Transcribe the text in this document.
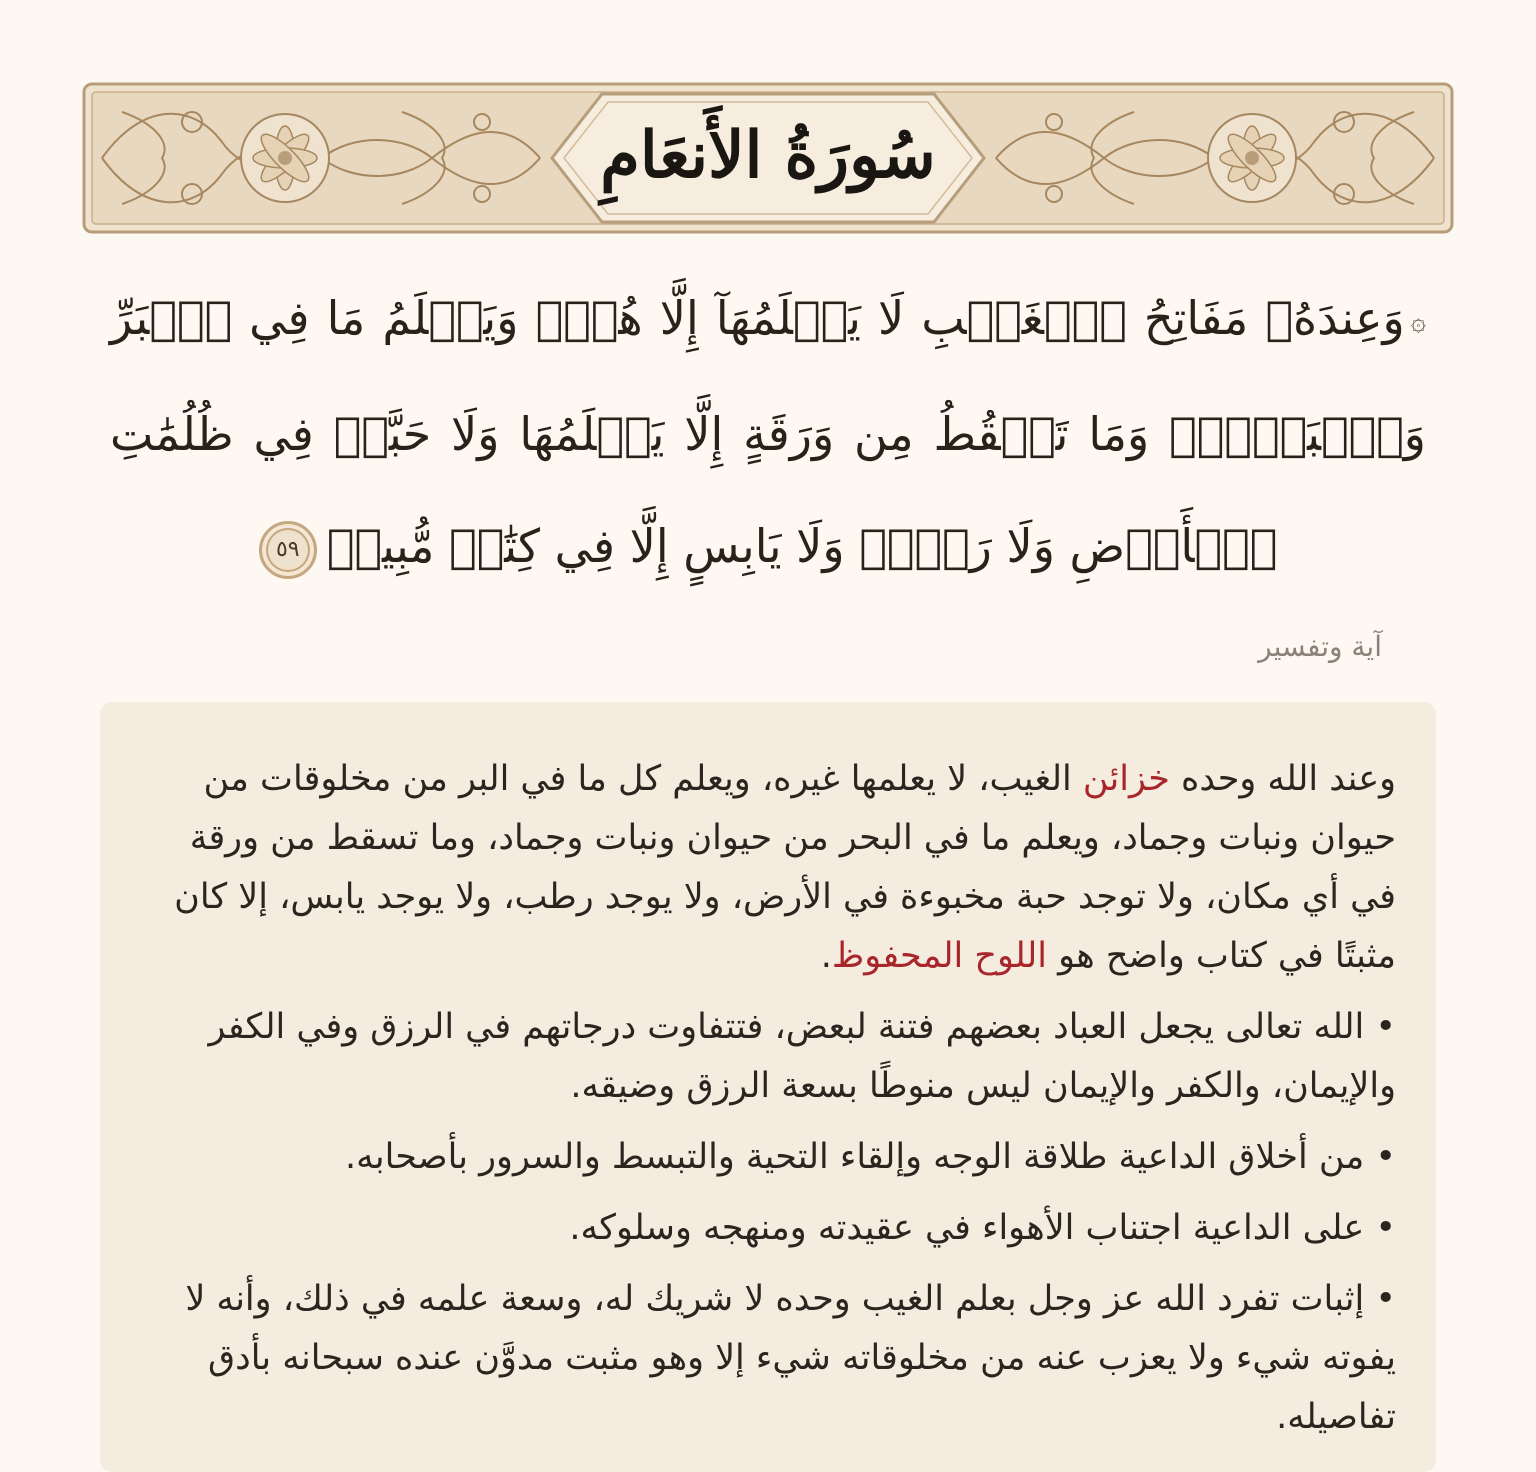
سُورَةُ الأَنعَامِ
۞وَعِندَهُۥ مَفَاتِحُ ٱلۡغَيۡبِ لَا يَعۡلَمُهَآ إِلَّا هُوَۚ وَيَعۡلَمُ مَا فِي ٱلۡبَرِّ وَٱلۡبَحۡرِۚ وَمَا تَسۡقُطُ مِن وَرَقَةٍ إِلَّا يَعۡلَمُهَا وَلَا حَبَّةٖ فِي ظُلُمَٰتِ ٱلۡأَرۡضِ وَلَا رَطۡبٖ وَلَا يَابِسٍ إِلَّا فِي كِتَٰبٖ مُّبِينٖ٥٩
آية وتفسير

وعند الله وحده خزائن الغيب، لا يعلمها غيره، ويعلم كل ما في البر من مخلوقات من حيوان ونبات وجماد، ويعلم ما في البحر من حيوان ونبات وجماد، وما تسقط من ورقة في أي مكان، ولا توجد حبة مخبوءة في الأرض، ولا يوجد رطب، ولا يوجد يابس، إلا كان مثبتًا في كتاب واضح هو اللوح المحفوظ.

• الله تعالى يجعل العباد بعضهم فتنة لبعض، فتتفاوت درجاتهم في الرزق وفي الكفر والإيمان، والكفر والإيمان ليس منوطًا بسعة الرزق وضيقه.

• من أخلاق الداعية طلاقة الوجه وإلقاء التحية والتبسط والسرور بأصحابه.

• على الداعية اجتناب الأهواء في عقيدته ومنهجه وسلوكه.

• إثبات تفرد الله عز وجل بعلم الغيب وحده لا شريك له، وسعة علمه في ذلك، وأنه لا يفوته شيء ولا يعزب عنه من مخلوقاته شيء إلا وهو مثبت مدوَّن عنده سبحانه بأدق تفاصيله.
